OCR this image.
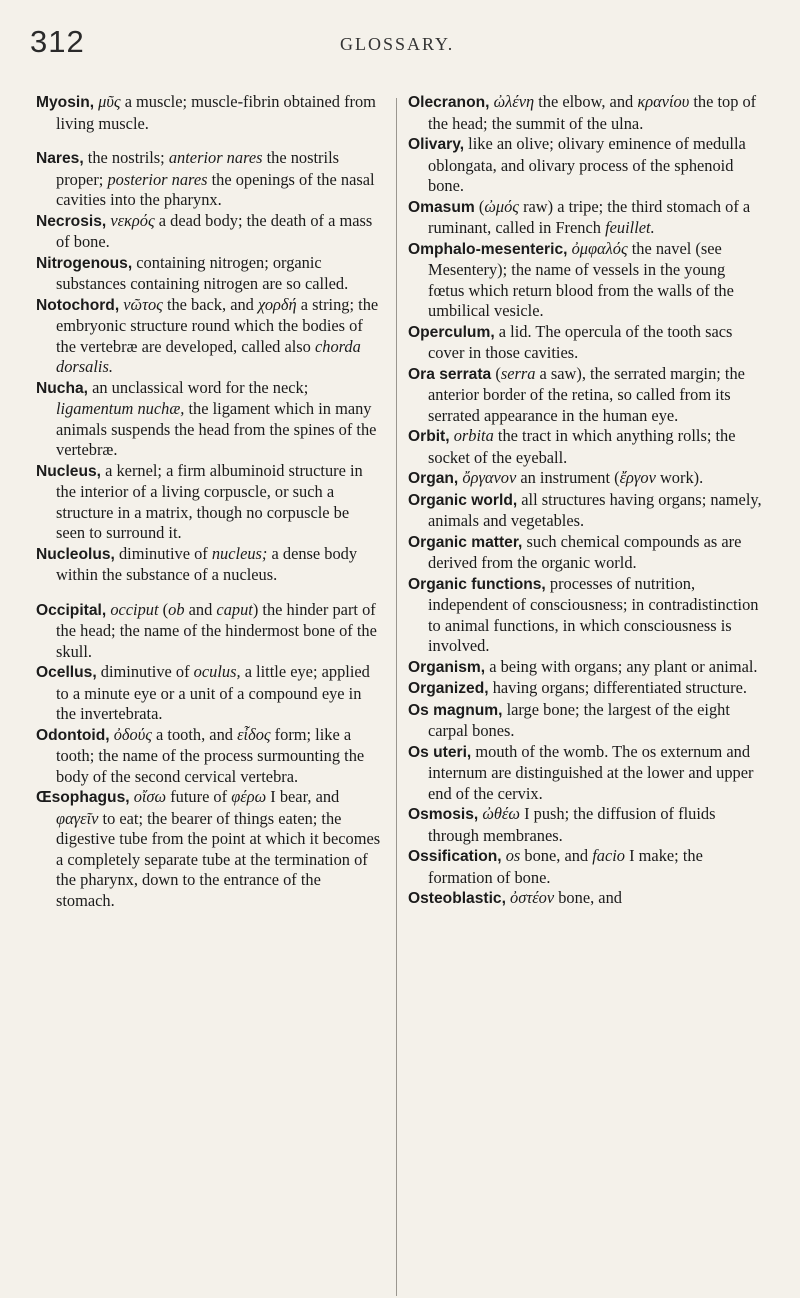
312	GLOSSARY.

Myosin, μῦς a muscle; muscle-fibrin obtained from living muscle.

Nares, the nostrils; anterior nares the nostrils proper; posterior nares the openings of the nasal cavities into the pharynx.

Necrosis, νεκρός a dead body; the death of a mass of bone.

Nitrogenous, containing nitrogen; organic substances containing nitrogen are so called.

Notochord, νῶτος the back, and χορδή a string; the embryonic structure round which the bodies of the vertebræ are developed, called also chorda dorsalis.

Nucha, an unclassical word for the neck; ligamentum nuchæ, the ligament which in many animals suspends the head from the spines of the vertebræ.

Nucleus, a kernel; a firm albuminoid structure in the interior of a living corpuscle, or such a structure in a matrix, though no corpuscle be seen to surround it.

Nucleolus, diminutive of nucleus; a dense body within the substance of a nucleus.

Occipital, occiput (ob and caput) the hinder part of the head; the name of the hindermost bone of the skull.

Ocellus, diminutive of oculus, a little eye; applied to a minute eye or a unit of a compound eye in the invertebrata.

Odontoid, ὀδούς a tooth, and εἶδος form; like a tooth; the name of the process surmounting the body of the second cervical vertebra.

Œsophagus, οἴσω future of φέρω I bear, and φαγεῖν to eat; the bearer of things eaten; the digestive tube from the point at which it becomes a completely separate tube at the termination of the pharynx, down to the entrance of the stomach.

Olecranon, ὠλένη the elbow, and κρανίου the top of the head; the summit of the ulna.

Olivary, like an olive; olivary eminence of medulla oblongata, and olivary process of the sphenoid bone.

Omasum (ὠμός raw) a tripe; the third stomach of a ruminant, called in French feuillet.

Omphalo-mesenteric, ὀμφαλός the navel (see Mesentery); the name of vessels in the young fœtus which return blood from the walls of the umbilical vesicle.

Operculum, a lid. The opercula of the tooth sacs cover in those cavities.

Ora serrata (serra a saw), the serrated margin; the anterior border of the retina, so called from its serrated appearance in the human eye.

Orbit, orbita the tract in which anything rolls; the socket of the eyeball.

Organ, ὄργανον an instrument (ἔργον work).

Organic world, all structures having organs; namely, animals and vegetables.

Organic matter, such chemical compounds as are derived from the organic world.

Organic functions, processes of nutrition, independent of consciousness; in contradistinction to animal functions, in which consciousness is involved.

Organism, a being with organs; any plant or animal.

Organized, having organs; differentiated structure.

Os magnum, large bone; the largest of the eight carpal bones.

Os uteri, mouth of the womb. The os externum and internum are distinguished at the lower and upper end of the cervix.

Osmosis, ὠθέω I push; the diffusion of fluids through membranes.

Ossification, os bone, and facio I make; the formation of bone.

Osteoblastic, ὀστέον bone, and
